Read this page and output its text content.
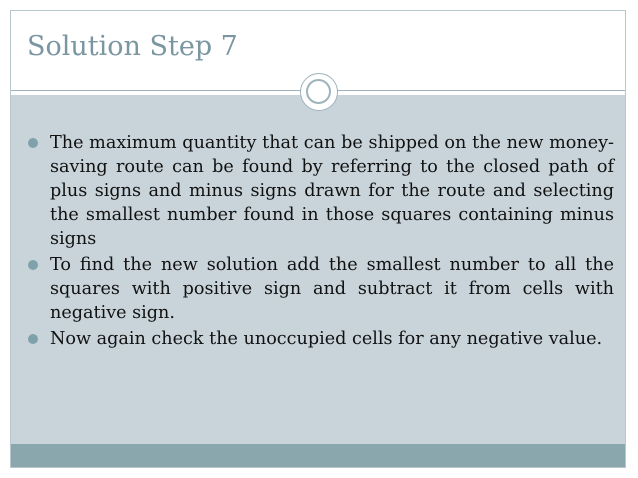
Solution Step 7
The maximum quantity that can be shipped on the new money-saving route can be found by referring to the closed path of plus signs and minus signs drawn for the route and selecting the smallest number found in those squares containing minus signs
To find the new solution add the smallest number to all the squares with positive sign and subtract it from cells with negative sign.
Now again check the unoccupied cells for any negative value.
